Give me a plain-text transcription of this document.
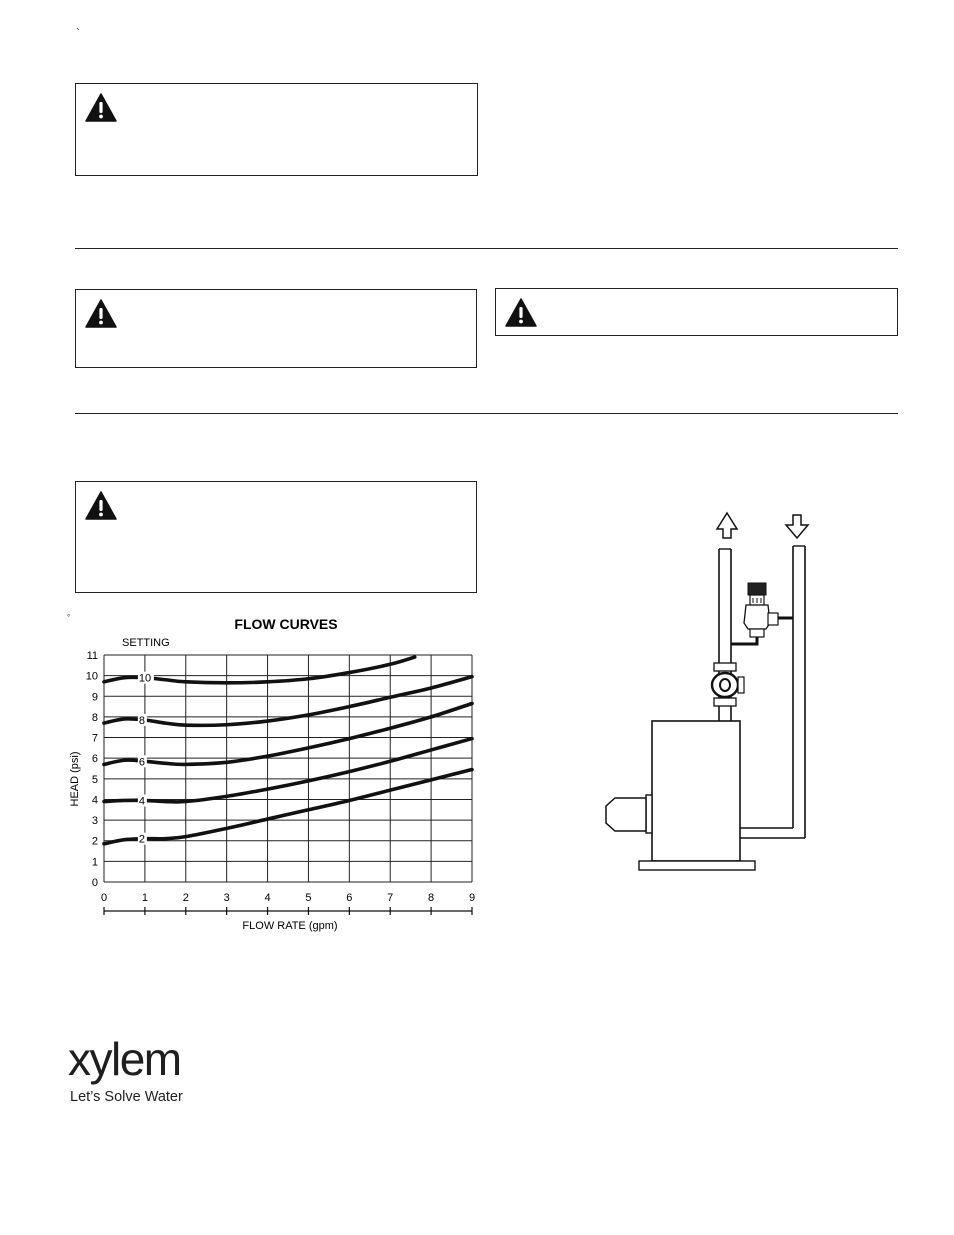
`
°	FLOW CURVES
SETTING
HEAD (psi)
FLOW RATE (gpm)
0	1	2	3	4	5	6	7	8	9
0
1
2
3
4
5
6
7
8
9
10
11
10
8
6
4
2
xylem
Let’s Solve Water
